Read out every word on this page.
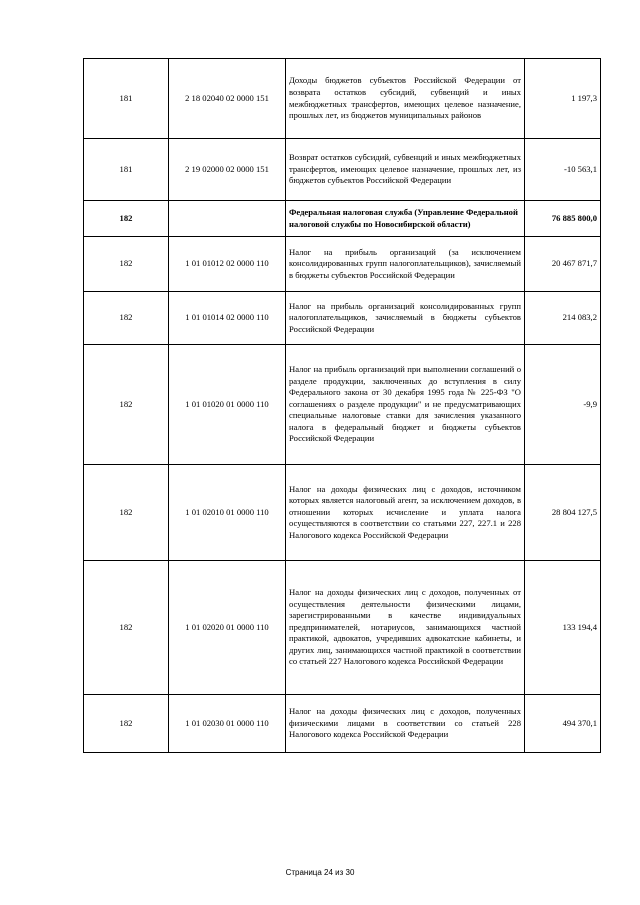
181	2 18 02040 02 0000 151	Доходы бюджетов субъектов Российской Федерации от возврата остатков субсидий, субвенций и иных межбюджетных трансфертов, имеющих целевое назначение, прошлых лет, из бюджетов муниципальных районов	1 197,3
181	2 19 02000 02 0000 151	Возврат остатков субсидий, субвенций и иных межбюджетных трансфертов, имеющих целевое назначение, прошлых лет, из бюджетов субъектов Российской Федерации	-10 563,1
182		Федеральная налоговая служба (Управление Федеральной налоговой службы по Новосибирской области)	76 885 800,0
182	1 01 01012 02 0000 110	Налог на прибыль организаций (за исключением консолидированных групп налогоплательщиков), зачисляемый в бюджеты субъектов Российской Федерации	20 467 871,7
182	1 01 01014 02 0000 110	Налог на прибыль организаций консолидированных групп налогоплательщиков, зачисляемый в бюджеты субъектов Российской Федерации	214 083,2
182	1 01 01020 01 0000 110	Налог на прибыль организаций при выполнении соглашений о разделе продукции, заключенных до вступления в силу Федерального закона от 30 декабря 1995 года № 225-ФЗ "О соглашениях о разделе продукции" и не предусматривающих специальные налоговые ставки для зачисления указанного налога в федеральный бюджет и бюджеты субъектов Российской Федерации	-9,9
182	1 01 02010 01 0000 110	Налог на доходы физических лиц с доходов, источником которых является налоговый агент, за исключением доходов, в отношении которых исчисление и уплата налога осуществляются в соответствии со статьями 227, 227.1 и 228 Налогового кодекса Российской Федерации	28 804 127,5
182	1 01 02020 01 0000 110	Налог на доходы физических лиц с доходов, полученных от осуществления деятельности физическими лицами, зарегистрированными в качестве индивидуальных предпринимателей, нотариусов, занимающихся частной практикой, адвокатов, учредивших адвокатские кабинеты, и других лиц, занимающихся частной практикой в соответствии со статьей 227 Налогового кодекса Российской Федерации	133 194,4
182	1 01 02030 01 0000 110	Налог на доходы физических лиц с доходов, полученных физическими лицами в соответствии со статьей 228 Налогового кодекса Российской Федерации	494 370,1
Страница 24 из 30
